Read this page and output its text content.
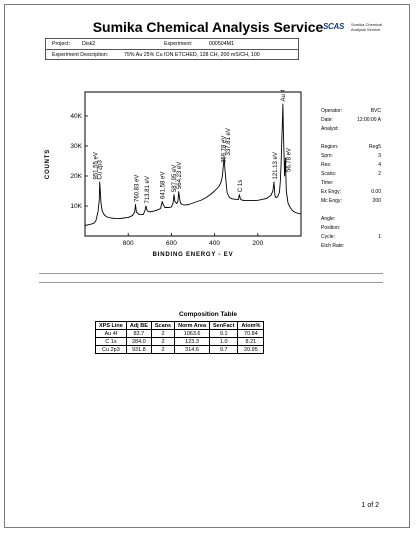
Sumika Chemical Analysis Service SCAS Sumika Chemical
Analysis Service
Project: Disk2	Experiment:	000504M1
Experiment Description:	75% Au 25% Cu ION ETCHED, 128 CH, 200 mS/CH, 100
800	600	400	200
10K
20K
30K
40K
BINDING ENERGY - EV
COUNTS	951.55 eV
Cu 2p3
760.83 eV 713.81 eV 641.58 eV 587.95 eV 564.23 eV
359.78 eV
337.81 eV
C 1s
121.13 eV
Au 4f
56.78 eV
Operator:	BVC
Date:	12:00:00 A
Analyst:
Region:	Reg5
Sprn:	3
Res:	4
Scans:	2
Time:
Ex Engy:	0.00
Mc Engy:	200
Angle:
Position:
Cycle:	1
Etch Rate:
Composition Table
XPS Line	Adj BE	Scans	Norm Area	SenFact	Atom%
Au 4f	83.7	2	1063.6	9.1	70.84
C 1s	284.0	2	123.3	1.0	8.21
Cu 2p3	931.8	2	314.6	9.7	20.95
1 of 2
